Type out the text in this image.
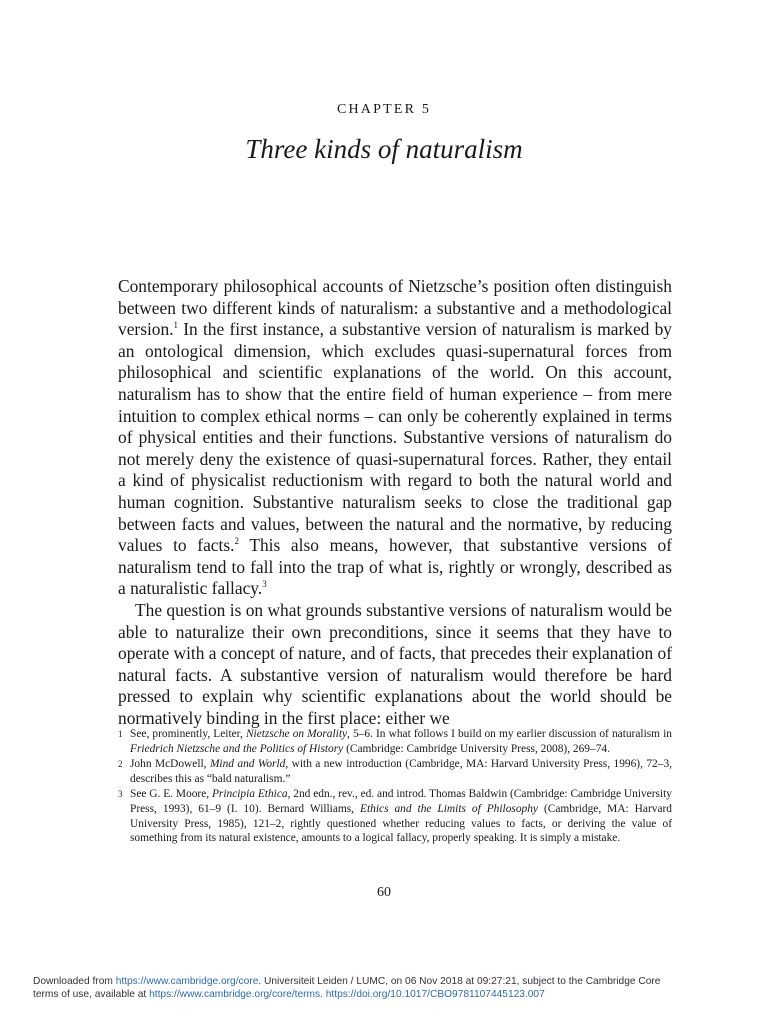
CHAPTER 5
Three kinds of naturalism

Contemporary philosophical accounts of Nietzsche’s position often distinguish between two different kinds of naturalism: a substantive and a methodological version.$^1$ In the first instance, a substantive version of naturalism is marked by an ontological dimension, which excludes quasi-supernatural forces from philosophical and scientific explanations of the world. On this account, naturalism has to show that the entire field of human experience – from mere intuition to complex ethical norms – can only be coherently explained in terms of physical entities and their functions. Substantive versions of naturalism do not merely deny the existence of quasi-supernatural forces. Rather, they entail a kind of physicalist reductionism with regard to both the natural world and human cognition. Substantive naturalism seeks to close the traditional gap between facts and values, between the natural and the normative, by reducing values to facts.$^2$ This also means, however, that substantive versions of naturalism tend to fall into the trap of what is, rightly or wrongly, described as a naturalistic fallacy.$^3$

The question is on what grounds substantive versions of naturalism would be able to naturalize their own preconditions, since it seems that they have to operate with a concept of nature, and of facts, that precedes their explanation of natural facts. A substantive version of naturalism would therefore be hard pressed to explain why scientific explanations about the world should be normatively binding in the first place: either we

1 See, prominently, Leiter, Nietzsche on Morality, 5–6. In what follows I build on my earlier discussion of naturalism in Friedrich Nietzsche and the Politics of History (Cambridge: Cambridge University Press, 2008), 269–74.

2 John McDowell, Mind and World, with a new introduction (Cambridge, MA: Harvard University Press, 1996), 72–3, describes this as “bald naturalism.”

3 See G. E. Moore, Principia Ethica, 2nd edn., rev., ed. and introd. Thomas Baldwin (Cambridge: Cambridge University Press, 1993), 61–9 (I. 10). Bernard Williams, Ethics and the Limits of Philosophy (Cambridge, MA: Harvard University Press, 1985), 121–2, rightly questioned whether reducing values to facts, or deriving the value of something from its natural existence, amounts to a logical fallacy, properly speaking. It is simply a mistake.

60
Downloaded from https://www.cambridge.org/core. Universiteit Leiden / LUMC, on 06 Nov 2018 at 09:27:21, subject to the Cambridge Core
terms of use, available at https://www.cambridge.org/core/terms. https://doi.org/10.1017/CBO9781107445123.007
